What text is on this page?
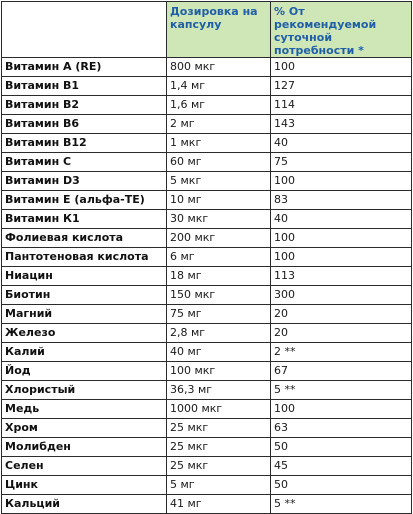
	Дозировка на капсулу	% От рекомендуемой суточной потребности *
Витамин А (RE)	800 мкг	100
Витамин В1	1,4 мг	127
Витамин В2	1,6 мг	114
Витамин В6	2 мг	143
Витамин В12	1 мкг	40
Витамин С	60 мг	75
Витамин D3	5 мкг	100
Витамин Е (альфа-ТЕ)	10 мг	83
Витамин К1	30 мкг	40
Фолиевая кислота	200 мкг	100
Пантотеновая кислота	6 мг	100
Ниацин	18 мг	113
Биотин	150 мкг	300
Магний	75 мг	20
Железо	2,8 мг	20
Калий	40 мг	2 **
Йод	100 мкг	67
Хлористый	36,3 мг	5 **
Медь	1000 мкг	100
Хром	25 мкг	63
Молибден	25 мкг	50
Селен	25 мкг	45
Цинк	5 мг	50
Кальций	41 мг	5 **
